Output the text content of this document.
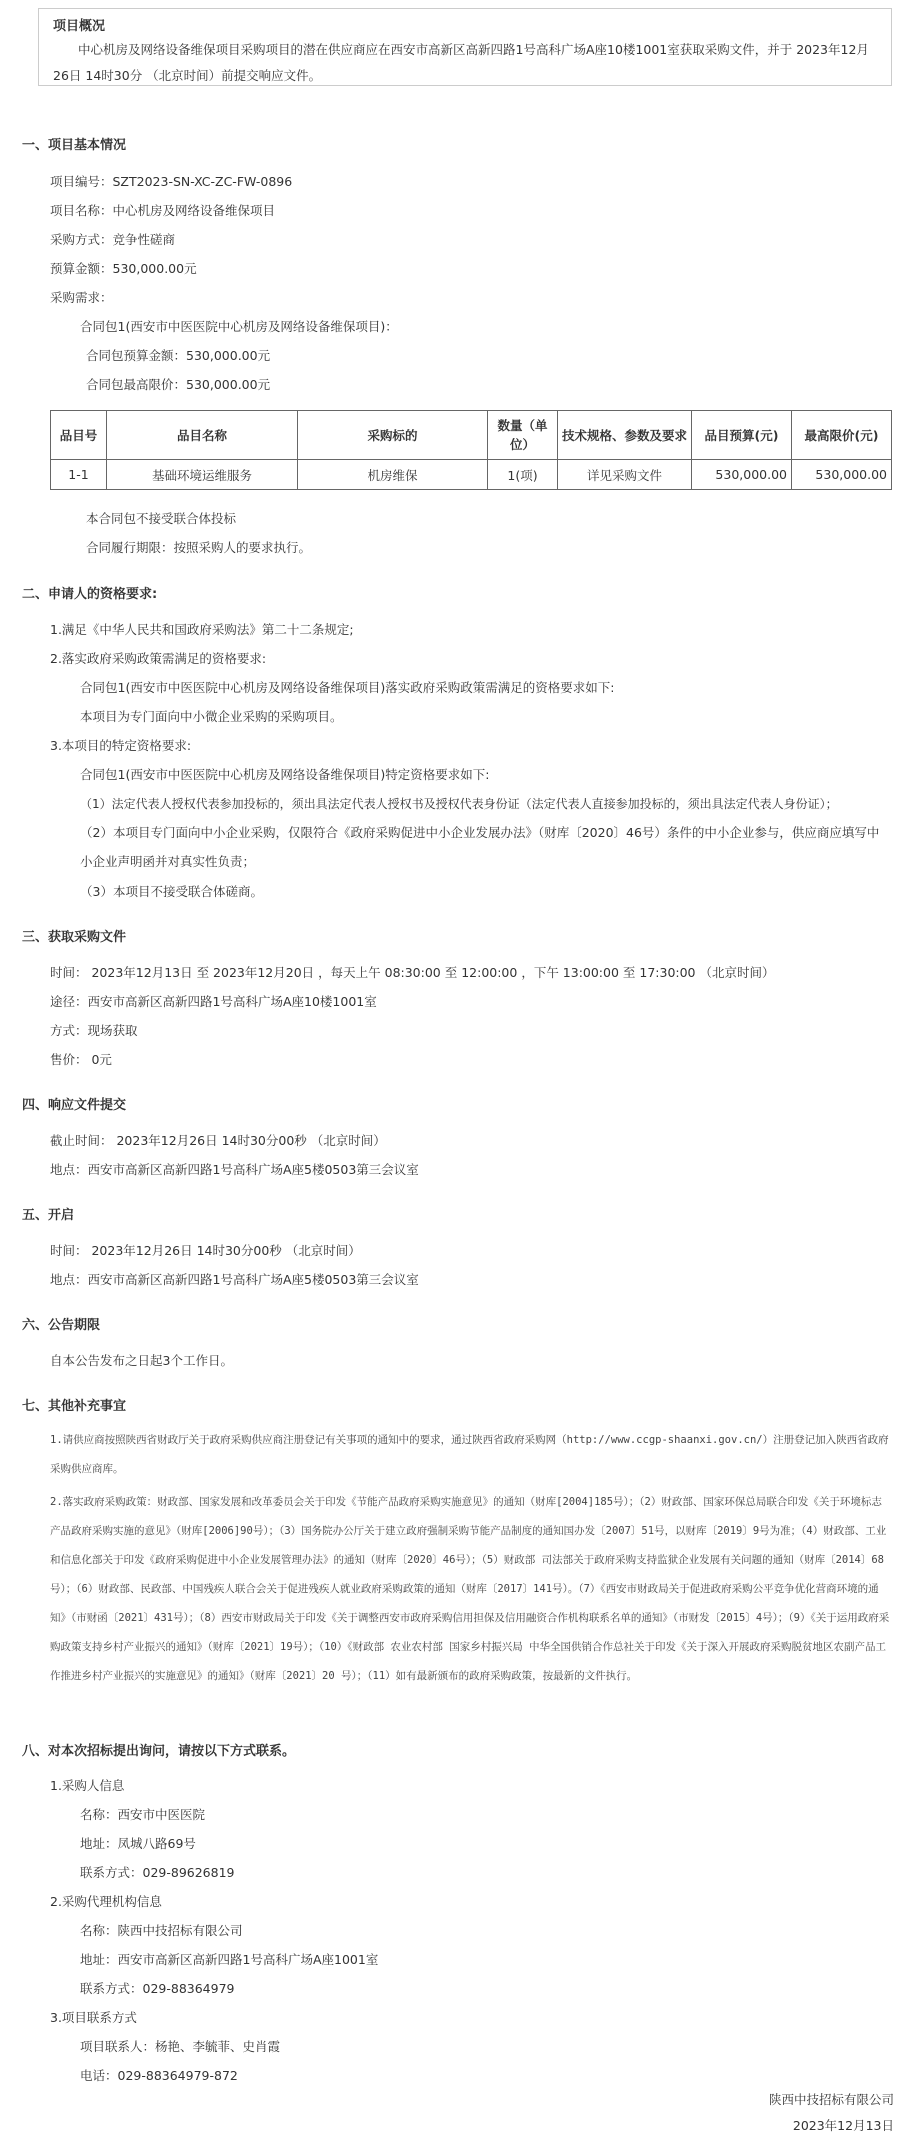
项目概况
中心机房及网络设备维保项目采购项目的潜在供应商应在西安市高新区高新四路1号高科广场A座10楼1001室获取采购文件，并于 2023年12月26日 14时30分 （北京时间）前提交响应文件。
一、项目基本情况
项目编号：SZT2023-SN-XC-ZC-FW-0896
项目名称：中心机房及网络设备维保项目
采购方式：竞争性磋商
预算金额：530,000.00元
采购需求：
合同包1(西安市中医医院中心机房及网络设备维保项目)：
合同包预算金额：530,000.00元
合同包最高限价：530,000.00元
品目号	品目名称	采购标的	数量（单位）	技术规格、参数及要求	品目预算(元)	最高限价(元)
1-1	基础环境运维服务	机房维保	1(项)	详见采购文件	530,000.00	530,000.00
本合同包不接受联合体投标
合同履行期限：按照采购人的要求执行。
二、申请人的资格要求:
1.满足《中华人民共和国政府采购法》第二十二条规定;
2.落实政府采购政策需满足的资格要求:
合同包1(西安市中医医院中心机房及网络设备维保项目)落实政府采购政策需满足的资格要求如下:
本项目为专门面向中小微企业采购的采购项目。
3.本项目的特定资格要求:
合同包1(西安市中医医院中心机房及网络设备维保项目)特定资格要求如下:
（1）法定代表人授权代表参加投标的，须出具法定代表人授权书及授权代表身份证（法定代表人直接参加投标的，须出具法定代表人身份证）；
（2）本项目专门面向中小企业采购，仅限符合《政府采购促进中小企业发展办法》（财库〔2020〕46号）条件的中小企业参与，供应商应填写中小企业声明函并对真实性负责；
（3）本项目不接受联合体磋商。
三、获取采购文件
时间： 2023年12月13日 至 2023年12月20日 ，每天上午 08:30:00 至 12:00:00 ，下午 13:00:00 至 17:30:00 （北京时间）
途径：西安市高新区高新四路1号高科广场A座10楼1001室
方式：现场获取
售价： 0元
四、响应文件提交
截止时间： 2023年12月26日 14时30分00秒 （北京时间）
地点：西安市高新区高新四路1号高科广场A座5楼0503第三会议室
五、开启
时间： 2023年12月26日 14时30分00秒 （北京时间）
地点：西安市高新区高新四路1号高科广场A座5楼0503第三会议室
六、公告期限
自本公告发布之日起3个工作日。
七、其他补充事宜
1.请供应商按照陕西省财政厅关于政府采购供应商注册登记有关事项的通知中的要求，通过陕西省政府采购网（http://www.ccgp-shaanxi.gov.cn/）注册登记加入陕西省政府采购供应商库。
2.落实政府采购政策：财政部、国家发展和改革委员会关于印发《节能产品政府采购实施意见》的通知（财库[2004]185号）；（2）财政部、国家环保总局联合印发《关于环境标志产品政府采购实施的意见》（财库[2006]90号）；（3）国务院办公厅关于建立政府强制采购节能产品制度的通知国办发〔2007〕51号，以财库〔2019〕9号为准；（4）财政部、工业和信息化部关于印发《政府采购促进中小企业发展管理办法》的通知（财库〔2020〕46号）；（5）财政部 司法部关于政府采购支持监狱企业发展有关问题的通知（财库〔2014〕68号）；（6）财政部、民政部、中国残疾人联合会关于促进残疾人就业政府采购政策的通知（财库〔2017〕141号）。（7）《西安市财政局关于促进政府采购公平竞争优化营商环境的通知》（市财函〔2021〕431号）；（8）西安市财政局关于印发《关于调整西安市政府采购信用担保及信用融资合作机构联系名单的通知》（市财发〔2015〕4号）；（9）《关于运用政府采购政策支持乡村产业振兴的通知》（财库〔2021〕19号）；（10）《财政部 农业农村部 国家乡村振兴局 中华全国供销合作总社关于印发《关于深入开展政府采购脱贫地区农副产品工作推进乡村产业振兴的实施意见》的通知》（财库〔2021〕20 号）；（11）如有最新颁布的政府采购政策，按最新的文件执行。
八、对本次招标提出询问，请按以下方式联系。
1.采购人信息
名称：西安市中医医院
地址：凤城八路69号
联系方式：029-89626819
2.采购代理机构信息
名称：陕西中技招标有限公司
地址：西安市高新区高新四路1号高科广场A座1001室
联系方式：029-88364979
3.项目联系方式
项目联系人：杨艳、李毓菲、史肖霞
电话：029-88364979-872
陕西中技招标有限公司
2023年12月13日
